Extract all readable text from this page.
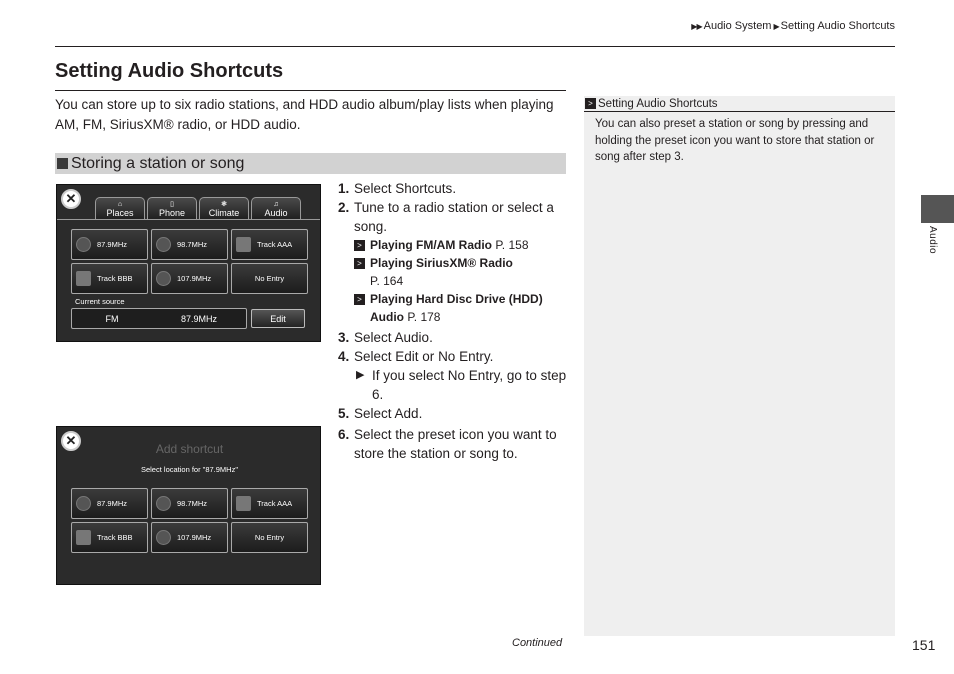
▶▶ Audio System ▶ Setting Audio Shortcuts
Setting Audio Shortcuts

You can store up to six radio stations, and HDD audio album/play lists when playing AM, FM, SiriusXM® radio, or HDD audio.

Storing a station or song
✕	⌂
Places
▯
Phone
❃
Climate
♫
Audio
87.9MHz	98.7MHz	Track AAA
Track BBB	107.9MHz	No Entry
Current source
FM	87.9MHz	Edit
✕
Add shortcut
Select location for "87.9MHz"
87.9MHz	98.7MHz	Track AAA
Track BBB	107.9MHz	No Entry
1. Select Shortcuts.
2. Tune to a radio station or select a song.
> Playing FM/AM Radio P. 158
> Playing SiriusXM® Radio
P. 164
> Playing Hard Disc Drive (HDD) Audio P. 178
3. Select Audio.
4. Select Edit or No Entry.
▶ If you select No Entry, go to step 6.
5. Select Add.
6. Select the preset icon you want to store the station or song to.
> Setting Audio Shortcuts
You can also preset a station or song by pressing and holding the preset icon you want to store that station or song after step 3.
Audio
Continued	151
